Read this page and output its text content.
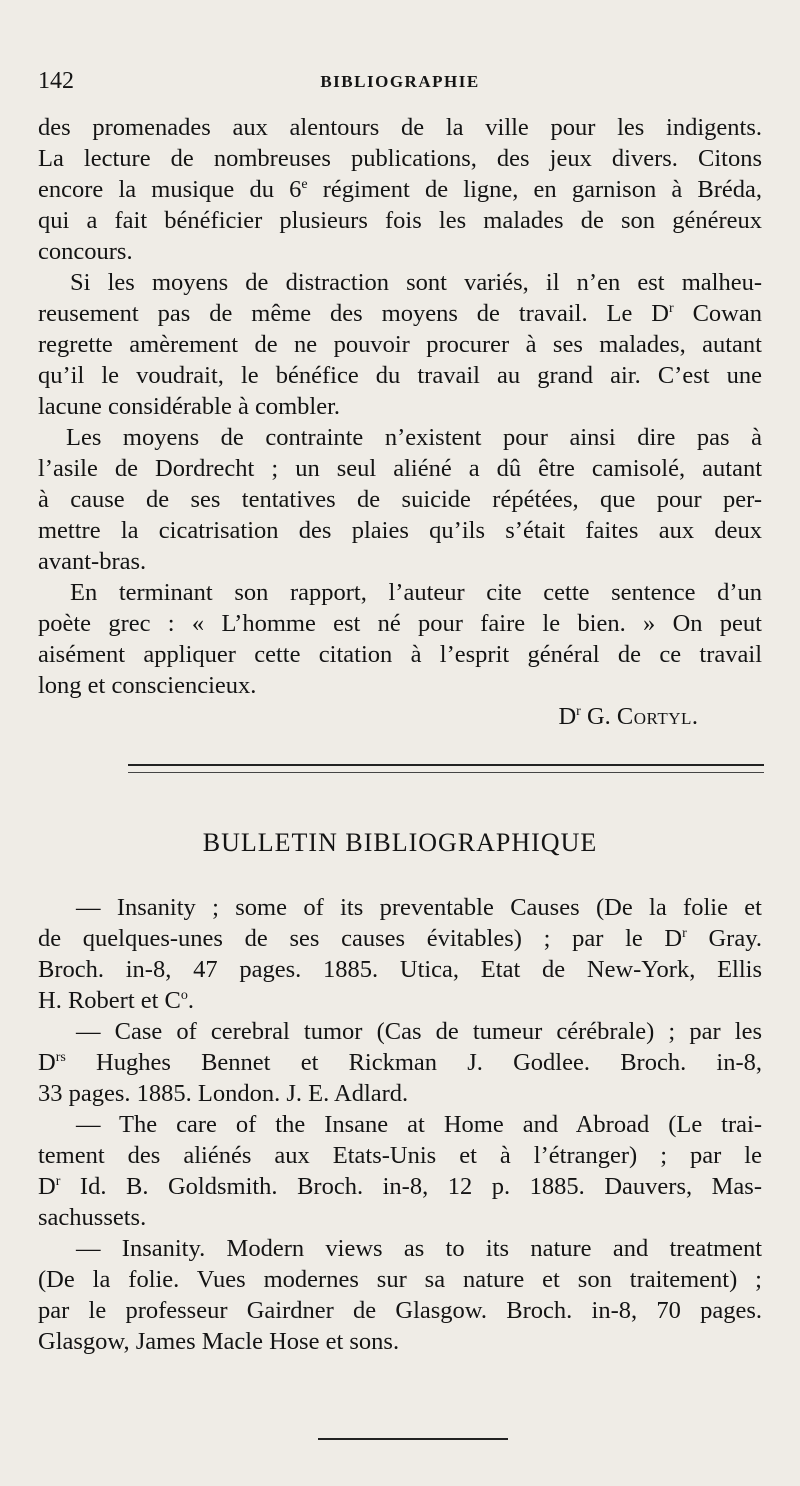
142	BIBLIOGRAPHIE
des promenades aux alentours de la ville pour les indigents.
La lecture de nombreuses publications, des jeux divers. Citons
encore la musique du 6e régiment de ligne, en garnison à Bréda,
qui a fait bénéficier plusieurs fois les malades de son généreux
concours.
Si les moyens de distraction sont variés, il n’en est malheu-
reusement pas de même des moyens de travail. Le $D^r$ Cowan
regrette amèrement de ne pouvoir procurer à ses malades, autant
qu’il le voudrait, le bénéfice du travail au grand air. C’est une
lacune considérable à combler.
Les moyens de contrainte n’existent pour ainsi dire pas à
l’asile de Dordrecht ; un seul aliéné a dû être camisolé, autant
à cause de ses tentatives de suicide répétées, que pour per-
mettre la cicatrisation des plaies qu’ils s’était faites aux deux
avant-bras.
En terminant son rapport, l’auteur cite cette sentence d’un
poète grec : « L’homme est né pour faire le bien. » On peut
aisément appliquer cette citation à l’esprit général de ce travail
long et consciencieux.
$D^r$ G. Cortyl.
BULLETIN BIBLIOGRAPHIQUE
— Insanity ; some of its preventable Causes (De la folie et
de quelques-unes de ses causes évitables) ; par le $D^r$ Gray.
Broch. in-8, 47 pages. 1885. Utica, Etat de New-York, Ellis
H. Robert et $C^o$.
— Case of cerebral tumor (Cas de tumeur cérébrale) ; par les
$D^{rs}$ Hughes Bennet et Rickman J. Godlee. Broch. in-8,
33 pages. 1885. London. J. E. Adlard.
— The care of the Insane at Home and Abroad (Le trai-
tement des aliénés aux Etats-Unis et à l’étranger) ; par le
$D^r$ Id. B. Goldsmith. Broch. in-8, 12 p. 1885. Dauvers, Mas-
sachussets.
— Insanity. Modern views as to its nature and treatment
(De la folie. Vues modernes sur sa nature et son traitement) ;
par le professeur Gairdner de Glasgow. Broch. in-8, 70 pages.
Glasgow, James Macle Hose et sons.
